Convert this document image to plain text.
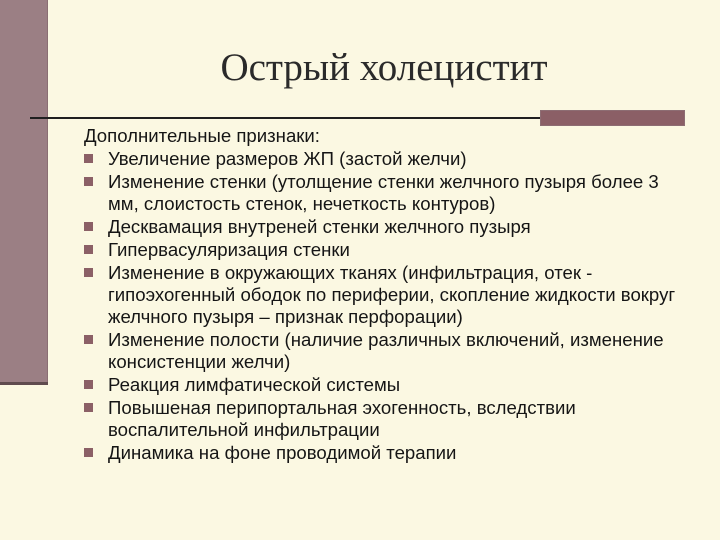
Острый холецистит

Дополнительные признаки:

Увеличение размеров ЖП (застой желчи)
Изменение стенки (утолщение стенки желчного пузыря более 3 мм, слоистость стенок, нечеткость контуров)
Десквамация внутреней стенки желчного пузыря
Гипервасуляризация стенки
Изменение в окружающих тканях (инфильтрация, отек - гипоэхогенный ободок по периферии, скопление жидкости вокруг желчного пузыря – признак перфорации)
Изменение полости (наличие различных включений, изменение консистенции желчи)
Реакция лимфатической системы
Повышеная перипортальная эхогенность, вследствии воспалительной инфильтрации
Динамика на фоне проводимой терапии
